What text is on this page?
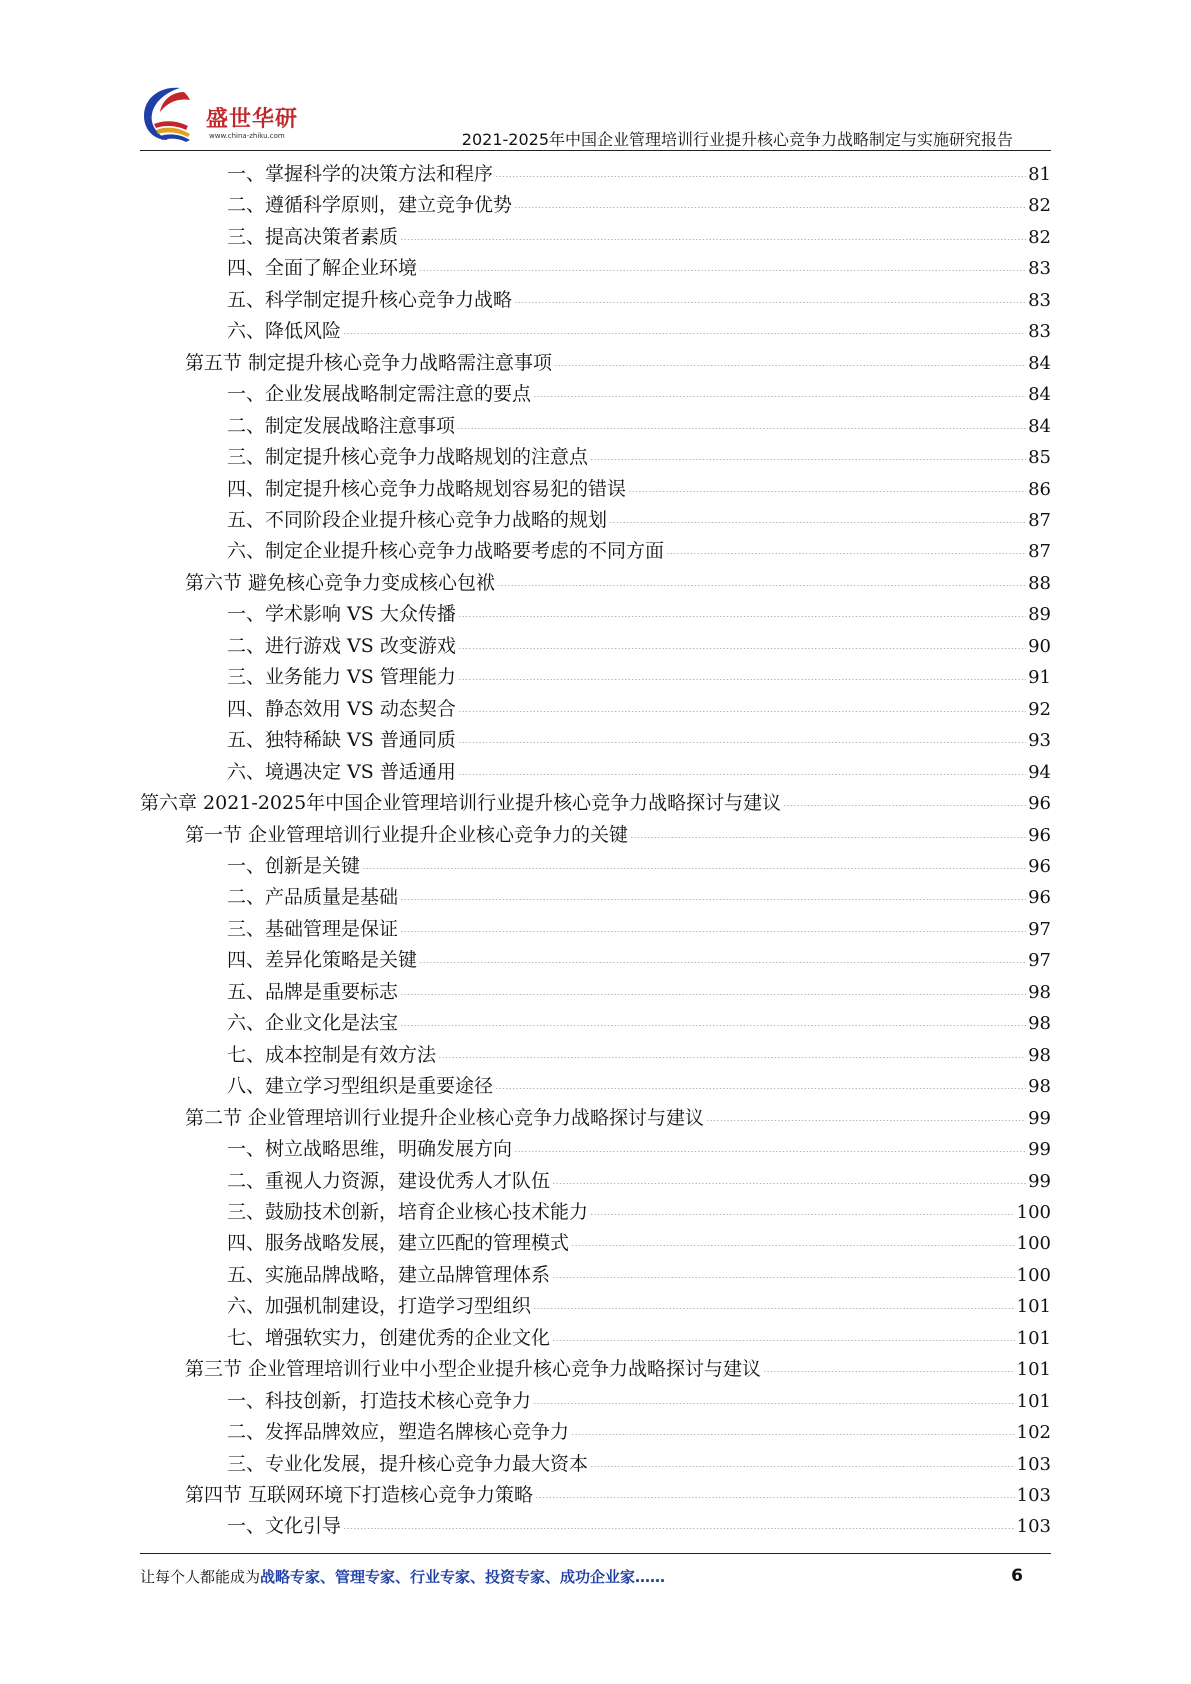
盛世华研
www.china-zhiku.com	2021-2025年中国企业管理培训行业提升核心竞争力战略制定与实施研究报告
一、掌握科学的决策方法和程序	81
二、遵循科学原则，建立竞争优势	82
三、提高决策者素质	82
四、全面了解企业环境	83
五、科学制定提升核心竞争力战略	83
六、降低风险	83
第五节 制定提升核心竞争力战略需注意事项	84
一、企业发展战略制定需注意的要点	84
二、制定发展战略注意事项	84
三、制定提升核心竞争力战略规划的注意点	85
四、制定提升核心竞争力战略规划容易犯的错误	86
五、不同阶段企业提升核心竞争力战略的规划	87
六、制定企业提升核心竞争力战略要考虑的不同方面	87
第六节 避免核心竞争力变成核心包袱	88
一、学术影响 VS 大众传播	89
二、进行游戏 VS 改变游戏	90
三、业务能力 VS 管理能力	91
四、静态效用 VS 动态契合	92
五、独特稀缺 VS 普通同质	93
六、境遇决定 VS 普适通用	94
第六章 2021-2025年中国企业管理培训行业提升核心竞争力战略探讨与建议	96
第一节 企业管理培训行业提升企业核心竞争力的关键	96
一、创新是关键	96
二、产品质量是基础	96
三、基础管理是保证	97
四、差异化策略是关键	97
五、品牌是重要标志	98
六、企业文化是法宝	98
七、成本控制是有效方法	98
八、建立学习型组织是重要途径	98
第二节 企业管理培训行业提升企业核心竞争力战略探讨与建议	99
一、树立战略思维，明确发展方向	99
二、重视人力资源，建设优秀人才队伍	99
三、鼓励技术创新，培育企业核心技术能力	100
四、服务战略发展，建立匹配的管理模式	100
五、实施品牌战略，建立品牌管理体系	100
六、加强机制建设，打造学习型组织	101
七、增强软实力，创建优秀的企业文化	101
第三节 企业管理培训行业中小型企业提升核心竞争力战略探讨与建议	101
一、科技创新，打造技术核心竞争力	101
二、发挥品牌效应，塑造名牌核心竞争力	102
三、专业化发展，提升核心竞争力最大资本	103
第四节 互联网环境下打造核心竞争力策略	103
一、文化引导	103
让每个人都能成为战略专家、管理专家、行业专家、投资专家、成功企业家……	6
